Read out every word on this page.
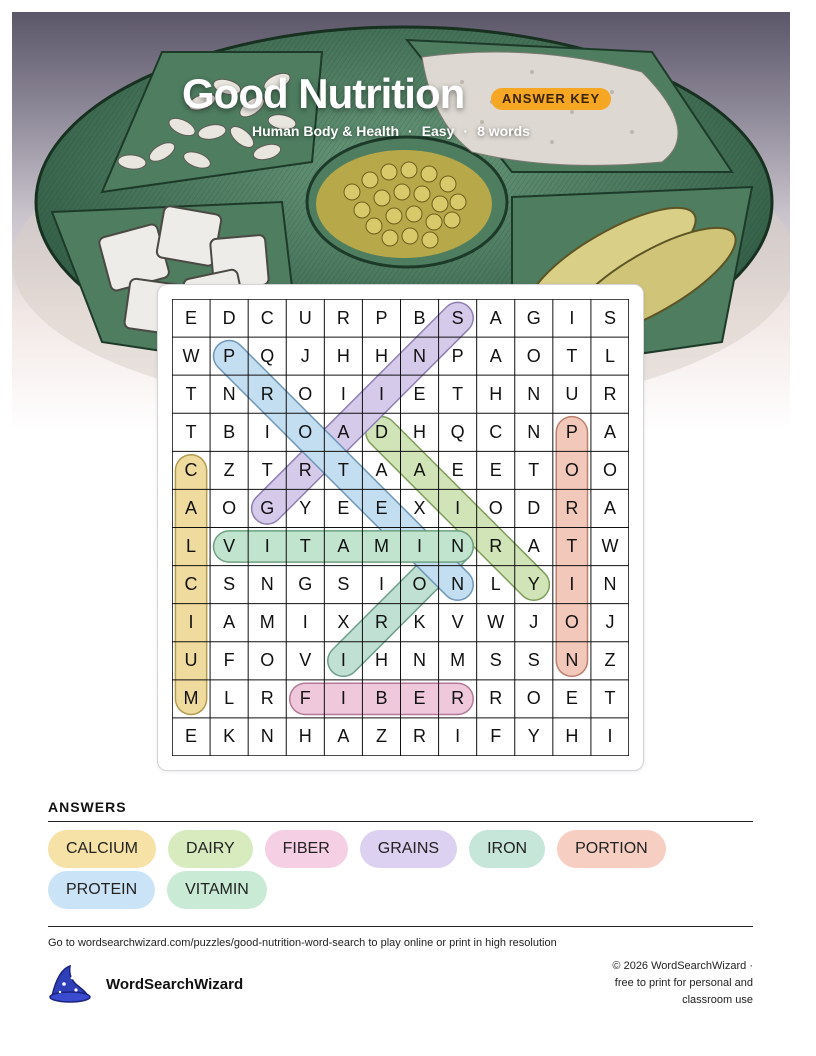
Good Nutrition	ANSWER KEY
Human Body & Health · Easy · 8 words
E	D	C	U	R	P	B	S	A	G	I	S
W	P	Q	J	H	H	N	P	A	O	T	L
T	N	R	O	I	I	E	T	H	N	U	R
T	B	I	O	A	D	H	Q	C	N	P	A
C	Z	T	R	T	A	A	E	E	T	O	O
A	O	G	Y	E	E	X	I	O	D	R	A
L	V	I	T	A	M	I	N	R	A	T	W
C	S	N	G	S	I	O	N	L	Y	I	N
I	A	M	I	X	R	K	V	W	J	O	J
U	F	O	V	I	H	N	M	S	S	N	Z
M	L	R	F	I	B	E	R	R	O	E	T
E	K	N	H	A	Z	R	I	F	Y	H	I
ANSWERS
CALCIUM	DAIRY	FIBER	GRAINS	IRON	PORTION
PROTEIN	VITAMIN
Go to wordsearchwizard.com/puzzles/good-nutrition-word-search to play online or print in high resolution
WordSearchWizard
© 2026 WordSearchWizard ·
free to print for personal and
classroom use
